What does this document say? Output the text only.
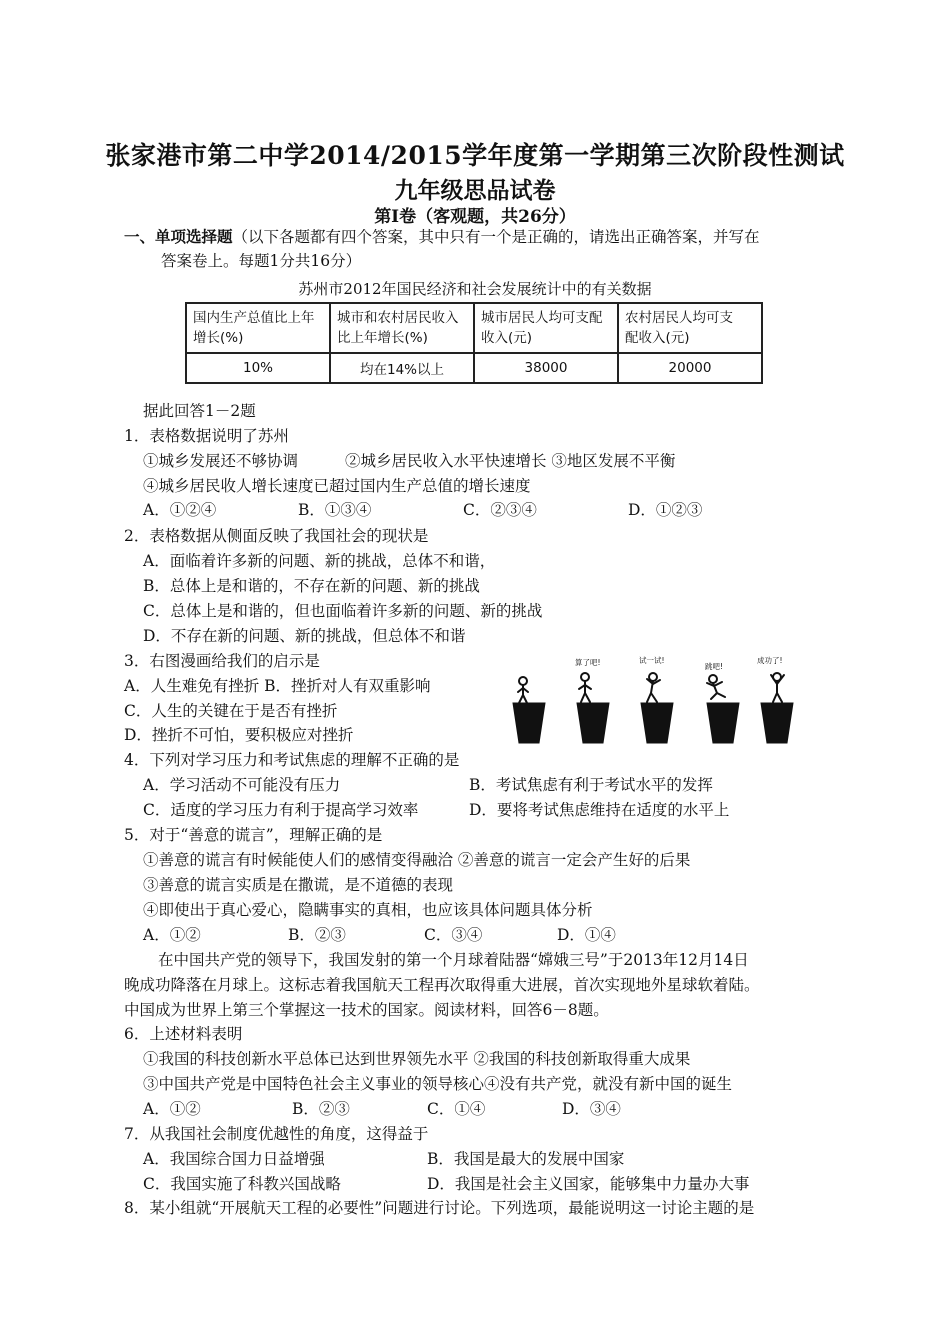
张家港市第二中学2014/2015学年度第一学期第三次阶段性测试
九年级思品试卷
第Ⅰ卷（客观题，共26分）
一、单项选择题（以下各题都有四个答案，其中只有一个是正确的，请选出正确答案，并写在
答案卷上。每题1分共16分）
苏州市2012年国民经济和社会发展统计中的有关数据
国内生产总值比上年
增长(%)	城市和农村居民收入
比上年增长(%)	城市居民人均可支配
收入(元)	农村居民人均可支
配收入(元)
10%	均在14%以上	38000	20000
据此回答1－2题
1．表格数据说明了苏州
①城乡发展还不够协调	②城乡居民收入水平快速增长 ③地区发展不平衡
④城乡居民收人增长速度已超过国内生产总值的增长速度
A．①②④	B．①③④	C．②③④	D．①②③
2．表格数据从侧面反映了我国社会的现状是
A．面临着许多新的问题、新的挑战，总体不和谐，
B．总体上是和谐的，不存在新的问题、新的挑战
C．总体上是和谐的，但也面临着许多新的问题、新的挑战
D．不存在新的问题、新的挑战，但总体不和谐
3．右图漫画给我们的启示是
A．人生难免有挫折 B．挫折对人有双重影响
C．人生的关键在于是否有挫折
D．挫折不可怕，要积极应对挫折
算了吧!	试一试!
跳吧!
成功了!
4．下列对学习压力和考试焦虑的理解不正确的是
A．学习活动不可能没有压力	B．考试焦虑有利于考试水平的发挥
C．适度的学习压力有利于提高学习效率	D．要将考试焦虑维持在适度的水平上
5．对于“善意的谎言”，理解正确的是
①善意的谎言有时候能使人们的感情变得融洽 ②善意的谎言一定会产生好的后果
③善意的谎言实质是在撒谎，是不道德的表现
④即使出于真心爱心，隐瞒事实的真相，也应该具体问题具体分析
A．①②	B．②③	C．③④	D．①④
在中国共产党的领导下，我国发射的第一个月球着陆器“嫦娥三号”于2013年12月14日
晚成功降落在月球上。这标志着我国航天工程再次取得重大进展，首次实现地外星球软着陆。
中国成为世界上第三个掌握这一技术的国家。阅读材料，回答6－8题。
6．上述材料表明
①我国的科技创新水平总体已达到世界领先水平 ②我国的科技创新取得重大成果
③中国共产党是中国特色社会主义事业的领导核心④没有共产党，就没有新中国的诞生
A．①②	B．②③	C．①④	D．③④
7．从我国社会制度优越性的角度，这得益于
A．我国综合国力日益增强	B．我国是最大的发展中国家
C．我国实施了科教兴国战略	D．我国是社会主义国家，能够集中力量办大事
8．某小组就“开展航天工程的必要性”问题进行讨论。下列选项，最能说明这一讨论主题的是
